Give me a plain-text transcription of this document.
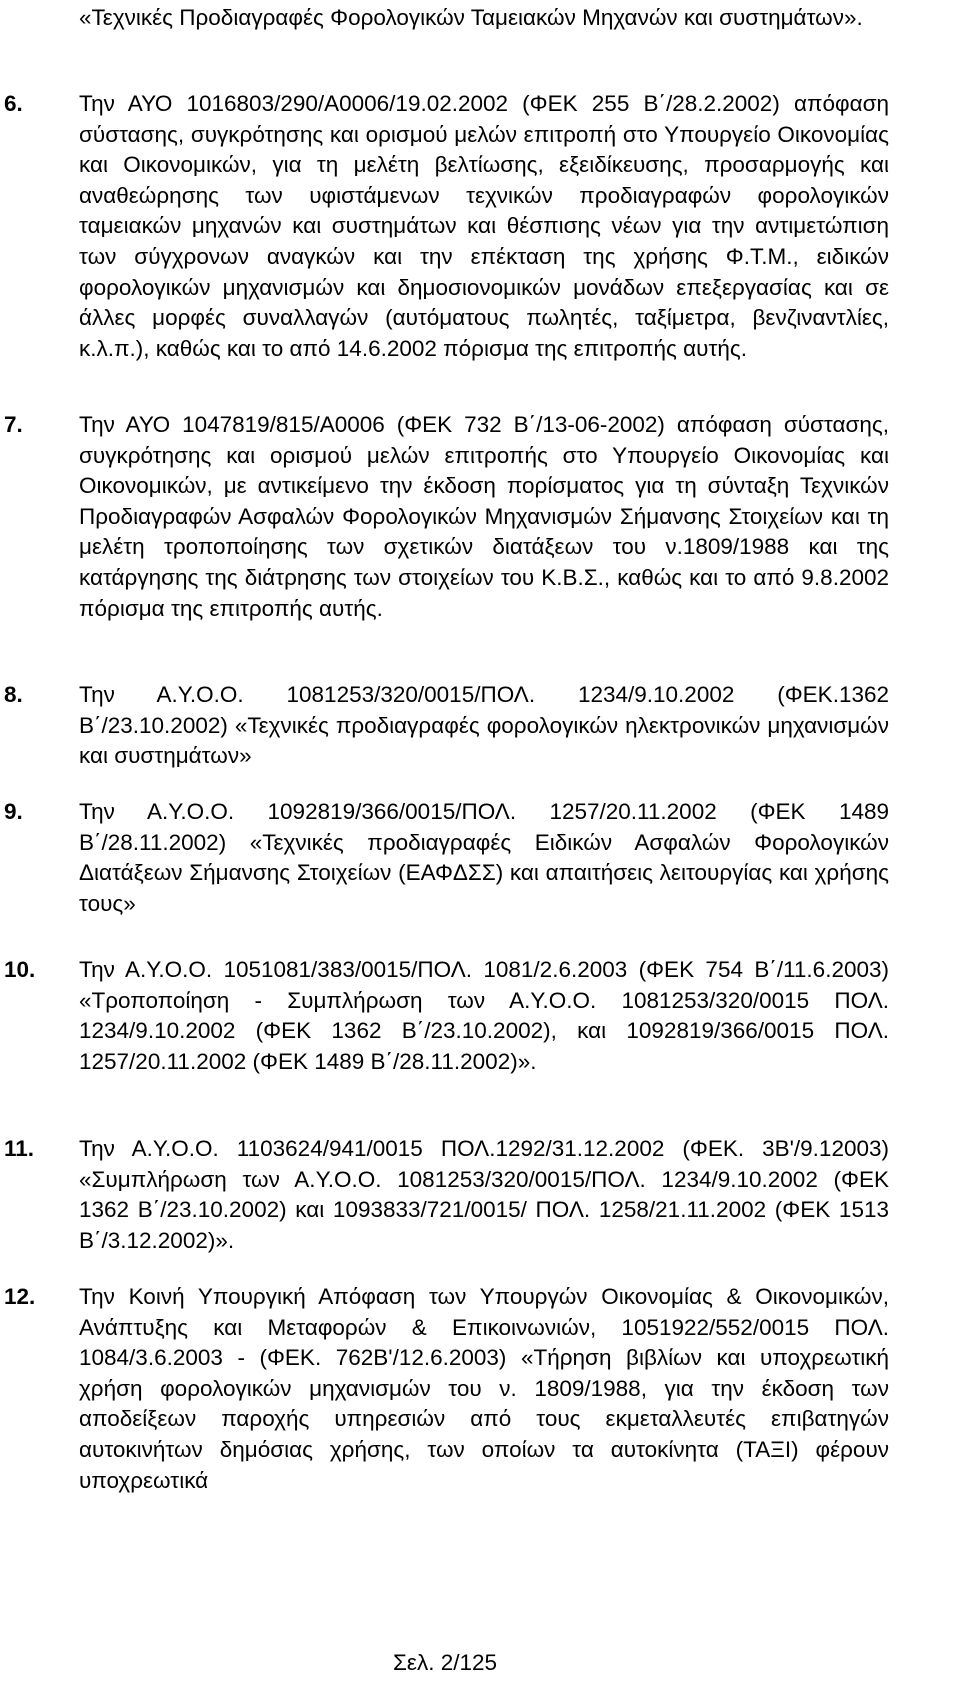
«Τεχνικές Προδιαγραφές Φορολογικών Ταμειακών Μηχανών και συστημάτων».
6. Την ΑΥΟ 1016803/290/Α0006/19.02.2002 (ΦΕΚ 255 Β΄/28.2.2002) απόφαση σύστασης, συγκρότησης και ορισμού μελών επιτροπή στο Υπουργείο Οικονομίας και Οικονομικών, για τη μελέτη βελτίωσης, εξειδίκευσης, προσαρμογής και αναθεώρησης των υφιστάμενων τεχνικών προδιαγραφών φορολογικών ταμειακών μηχανών και συστημάτων και θέσπισης νέων για την αντιμετώπιση των σύγχρονων αναγκών και την επέκταση της χρήσης Φ.Τ.Μ., ειδικών φορολογικών μηχανισμών και δημοσιονομικών μονάδων επεξεργασίας και σε άλλες μορφές συναλλαγών (αυτόματους πωλητές, ταξίμετρα, βενζιναντλίες, κ.λ.π.), καθώς και το από 14.6.2002 πόρισμα της επιτροπής αυτής.
7. Την ΑΥΟ 1047819/815/Α0006 (ΦΕΚ 732 Β΄/13-06-2002) απόφαση σύστασης, συγκρότησης και ορισμού μελών επιτροπής στο Υπουργείο Οικονομίας και Οικονομικών, με αντικείμενο την έκδοση πορίσματος για τη σύνταξη Τεχνικών Προδιαγραφών Ασφαλών Φορολογικών Μηχανισμών Σήμανσης Στοιχείων και τη μελέτη τροποποίησης των σχετικών διατάξεων του ν.1809/1988 και της κατάργησης της διάτρησης των στοιχείων του Κ.Β.Σ., καθώς και το από 9.8.2002 πόρισμα της επιτροπής αυτής.
8. Την Α.Υ.Ο.Ο. 1081253/320/0015/ΠΟΛ. 1234/9.10.2002 (ΦΕΚ.1362 Β΄/23.10.2002) «Τεχνικές προδιαγραφές φορολογικών ηλεκτρονικών μηχανισμών και συστημάτων»
9. Την Α.Υ.Ο.Ο. 1092819/366/0015/ΠΟΛ. 1257/20.11.2002 (ΦΕΚ 1489 Β΄/28.11.2002) «Τεχνικές προδιαγραφές Ειδικών Ασφαλών Φορολογικών Διατάξεων Σήμανσης Στοιχείων (ΕΑΦΔΣΣ) και απαιτήσεις λειτουργίας και χρήσης τους»
10. Την Α.Υ.Ο.Ο. 1051081/383/0015/ΠΟΛ. 1081/2.6.2003 (ΦΕΚ 754 Β΄/11.6.2003) «Τροποποίηση - Συμπλήρωση των Α.Υ.Ο.Ο. 1081253/320/0015 ΠΟΛ. 1234/9.10.2002 (ΦΕΚ 1362 Β΄/23.10.2002), και 1092819/366/0015 ΠΟΛ. 1257/20.11.2002 (ΦΕΚ 1489 Β΄/28.11.2002)».
11. Την Α.Υ.Ο.Ο. 1103624/941/0015 ΠΟΛ.1292/31.12.2002 (ΦΕΚ. 3Β'/9.12003) «Συμπλήρωση των Α.Υ.Ο.Ο. 1081253/320/0015/ΠΟΛ. 1234/9.10.2002 (ΦΕΚ 1362 Β΄/23.10.2002) και 1093833/721/0015/ ΠΟΛ. 1258/21.11.2002 (ΦΕΚ 1513 Β΄/3.12.2002)».
12. Την Κοινή Υπουργική Απόφαση των Υπουργών Οικονομίας & Οικονομικών, Ανάπτυξης και Μεταφορών & Επικοινωνιών, 1051922/552/0015 ΠΟΛ. 1084/3.6.2003 - (ΦΕΚ. 762Β'/12.6.2003) «Τήρηση βιβλίων και υποχρεωτική χρήση φορολογικών μηχανισμών του ν. 1809/1988, για την έκδοση των αποδείξεων παροχής υπηρεσιών από τους εκμεταλλευτές επιβατηγών αυτοκινήτων δημόσιας χρήσης, των οποίων τα αυτοκίνητα (ΤΑΞΙ) φέρουν υποχρεωτικά
Σελ. 2/125
